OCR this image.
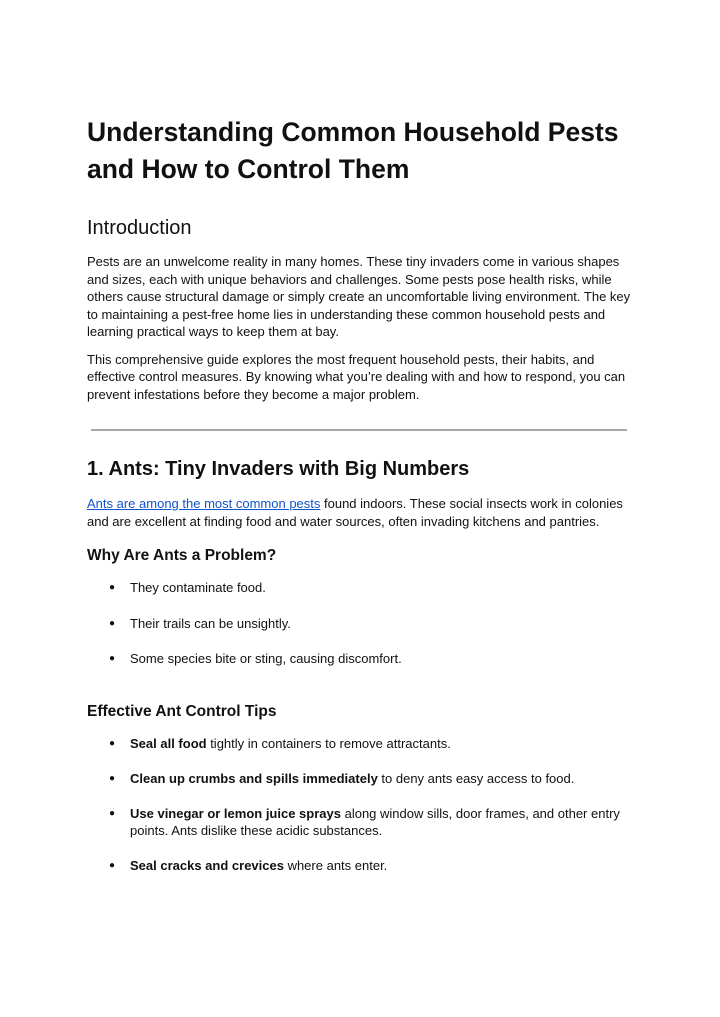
Understanding Common Household Pests and How to Control Them
Introduction

Pests are an unwelcome reality in many homes. These tiny invaders come in various shapes and sizes, each with unique behaviors and challenges. Some pests pose health risks, while others cause structural damage or simply create an uncomfortable living environment. The key to maintaining a pest-free home lies in understanding these common household pests and learning practical ways to keep them at bay.

This comprehensive guide explores the most frequent household pests, their habits, and effective control measures. By knowing what you’re dealing with and how to respond, you can prevent infestations before they become a major problem.

1. Ants: Tiny Invaders with Big Numbers

Ants are among the most common pests found indoors. These social insects work in colonies and are excellent at finding food and water sources, often invading kitchens and pantries.

Why Are Ants a Problem?
● They contaminate food.
● Their trails can be unsightly.
● Some species bite or sting, causing discomfort.
Effective Ant Control Tips
● Seal all food tightly in containers to remove attractants.
● Clean up crumbs and spills immediately to deny ants easy access to food.
● Use vinegar or lemon juice sprays along window sills, door frames, and other entry points. Ants dislike these acidic substances.
● Seal cracks and crevices where ants enter.
